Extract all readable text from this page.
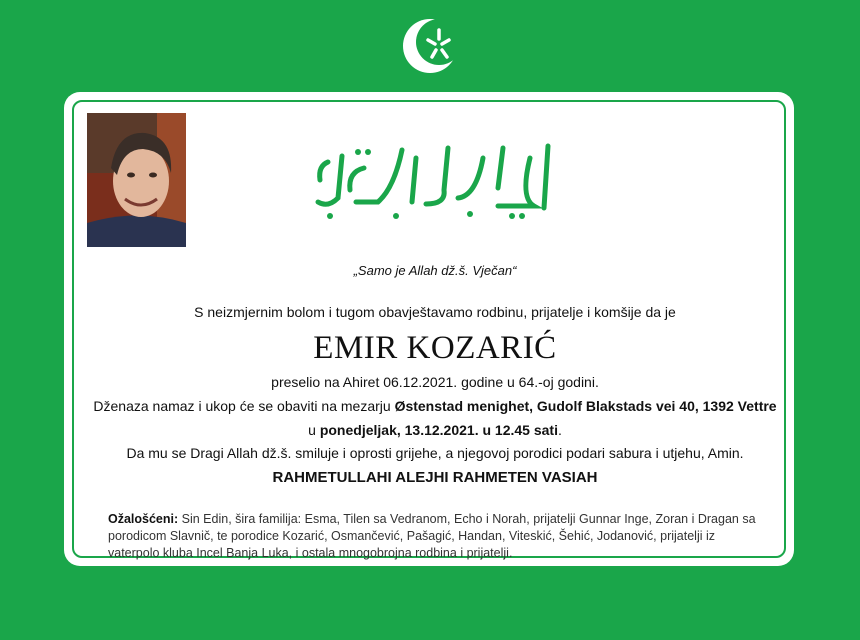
„Samo je Allah dž.š. Vječan“
S neizmjernim bolom i tugom obavještavamo rodbinu, prijatelje i komšije da je
EMIR KOZARIĆ
preselio na Ahiret 06.12.2021. godine u 64.-oj godini.
Dženaza namaz i ukop će se obaviti na mezarju Østenstad menighet, Gudolf Blakstads vei 40, 1392 Vettre
u ponedjeljak, 13.12.2021. u 12.45 sati.
Da mu se Dragi Allah dž.š. smiluje i oprosti grijehe, a njegovoj porodici podari sabura i utjehu, Amin.
RAHMETULLAHI ALEJHI RAHMETEN VASIAH
Ožalošćeni: Sin Edin, šira familija: Esma, Tilen sa Vedranom, Echo i Norah, prijatelji Gunnar Inge, Zoran i Dragan sa porodicom Slavnič, te porodice Kozarić, Osmančević, Pašagić, Handan, Viteskić, Šehić, Jodanović, prijatelji iz vaterpolo kluba Incel Banja Luka, i ostala mnogobrojna rodbina i prijatelji.
